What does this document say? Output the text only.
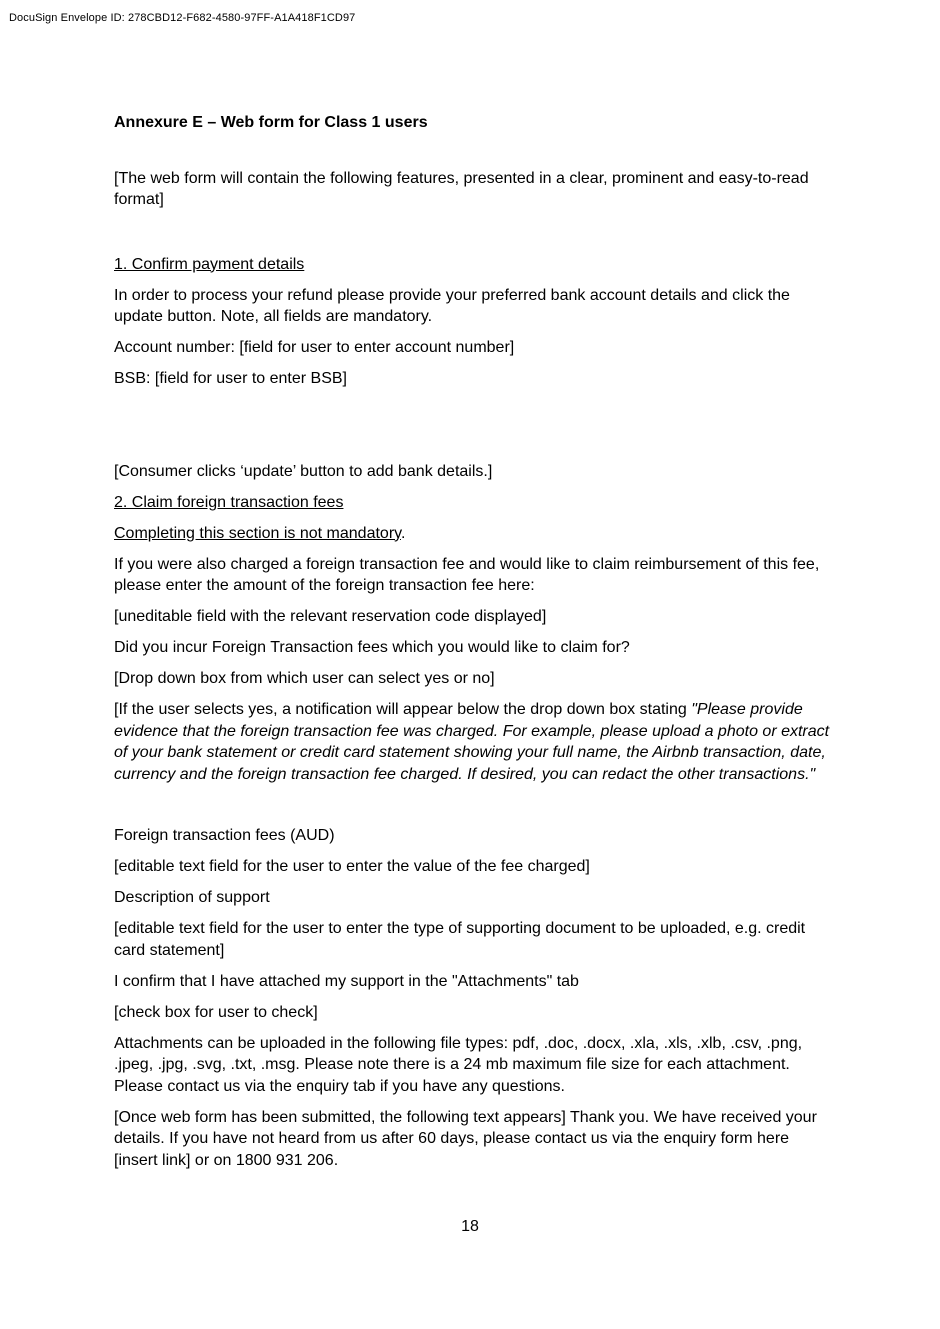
DocuSign Envelope ID: 278CBD12-F682-4580-97FF-A1A418F1CD97

Annexure E – Web form for Class 1 users

[The web form will contain the following features, presented in a clear, prominent and easy-to-read format]

1. Confirm payment details

In order to process your refund please provide your preferred bank account details and click the update button. Note, all fields are mandatory.

Account number: [field for user to enter account number]

BSB: [field for user to enter BSB]

[Consumer clicks ‘update’ button to add bank details.]

2. Claim foreign transaction fees

Completing this section is not mandatory.

If you were also charged a foreign transaction fee and would like to claim reimbursement of this fee, please enter the amount of the foreign transaction fee here:

[uneditable field with the relevant reservation code displayed]

Did you incur Foreign Transaction fees which you would like to claim for?

[Drop down box from which user can select yes or no]

[If the user selects yes, a notification will appear below the drop down box stating "Please provide evidence that the foreign transaction fee was charged. For example, please upload a photo or extract of your bank statement or credit card statement showing your full name, the Airbnb transaction, date, currency and the foreign transaction fee charged. If desired, you can redact the other transactions."

Foreign transaction fees (AUD)

[editable text field for the user to enter the value of the fee charged]

Description of support

[editable text field for the user to enter the type of supporting document to be uploaded, e.g. credit card statement]

I confirm that I have attached my support in the "Attachments" tab

[check box for user to check]

Attachments can be uploaded in the following file types: pdf, .doc, .docx, .xla, .xls, .xlb, .csv, .png, .jpeg, .jpg, .svg, .txt, .msg. Please note there is a 24 mb maximum file size for each attachment. Please contact us via the enquiry tab if you have any questions.

[Once web form has been submitted, the following text appears] Thank you. We have received your details. If you have not heard from us after 60 days, please contact us via the enquiry form here [insert link] or on 1800 931 206.

18
